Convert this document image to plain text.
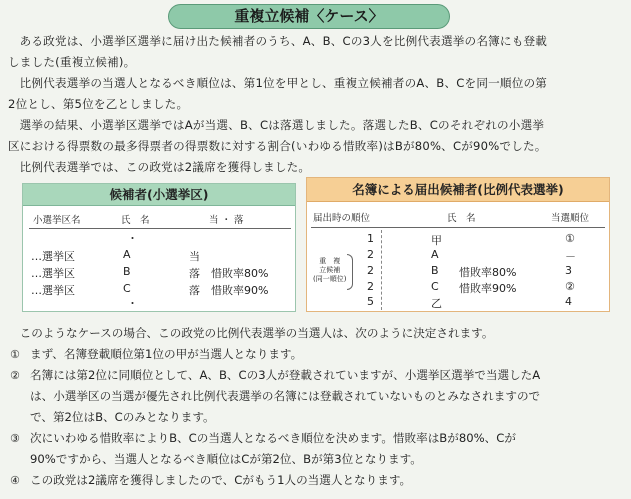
重複立候補〈ケース〉

ある政党は、小選挙区選挙に届け出た候補者のうち、A、B、Cの3人を比例代表選挙の名簿にも登載

しました(重複立候補)。

比例代表選挙の当選人となるべき順位は、第1位を甲とし、重複立候補者のA、B、Cを同一順位の第

2位とし、第5位を乙としました。

選挙の結果、小選挙区選挙ではAが当選、B、Cは落選しました。落選したB、Cのそれぞれの小選挙

区における得票数の最多得票者の得票数に対する割合(いわゆる惜敗率)はBが80%、Cが90%でした。

比例代表選挙では、この政党は2議席を獲得しました。

候補者(小選挙区)
小選挙区名	氏　名	当 ・ 落
・
…選挙区	A	当
…選挙区	B	落　惜敗率80%
…選挙区	C	落　惜敗率90%
・
名簿による届出候補者(比例代表選挙)
届出時の順位	氏　名	当選順位
重　複
立候補
(同一順位)
1	甲	①
2	A	－
2	B 惜敗率80%	3
2	C 惜敗率90%	②
5	乙	4

このようなケースの場合、この政党の比例代表選挙の当選人は、次のように決定されます。

① まず、名簿登載順位第1位の甲が当選人となります。

② 名簿には第2位に同順位として、A、B、Cの3人が登載されていますが、小選挙区選挙で当選したA

は、小選挙区の当選が優先され比例代表選挙の名簿には登載されていないものとみなされますので

で、第2位はB、Cのみとなります。

③ 次にいわゆる惜敗率によりB、Cの当選人となるべき順位を決めます。惜敗率はBが80%、Cが

90%ですから、当選人となるべき順位はCが第2位、Bが第3位となります。

④ この政党は2議席を獲得しましたので、Cがもう1人の当選人となります。
